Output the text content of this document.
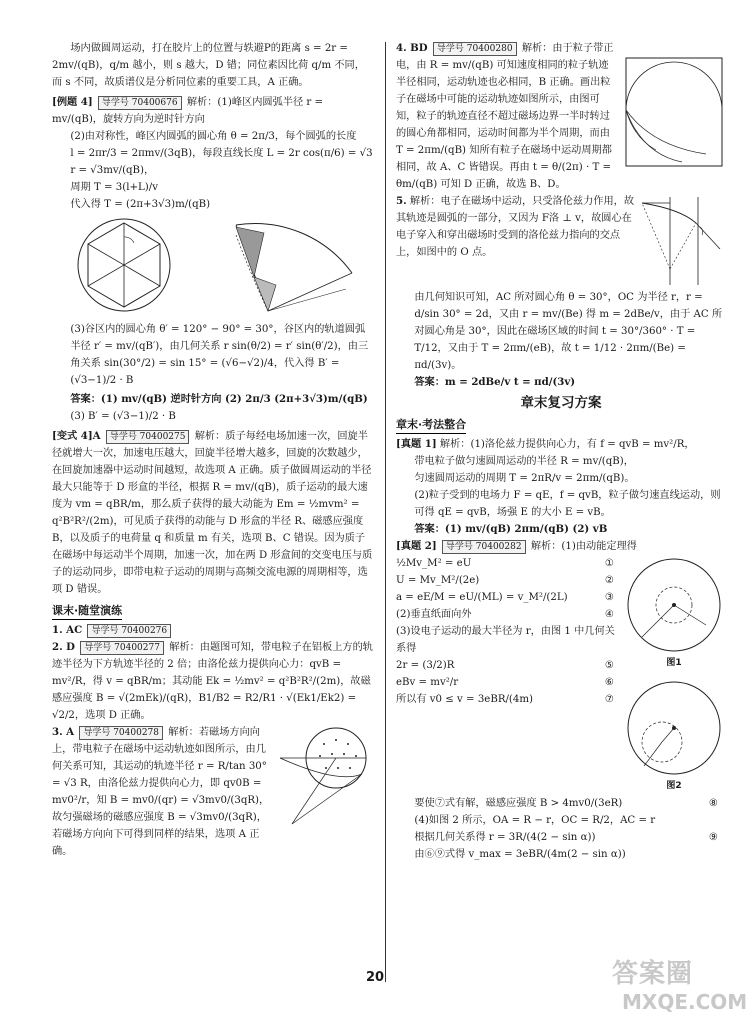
场内做圆周运动，打在胶片上的位置与轶避P的距离 s = 2r = 2mv/(qB)，q/m 越小，则 s 越大，D 错；同位素因比荷 q/m 不同，而 s 不同，故质谱仪是分析同位素的重要工具，A 正确。

[例题 4] 导学号 70400676 解析：(1)峰区内圆弧半径 r = mv/(qB)，旋转方向为逆时针方向

(2)由对称性，峰区内圆弧的圆心角 θ = 2π/3，每个圆弧的长度

l = 2πr/3 = 2πmv/(3qB)，每段直线长度 L = 2r cos(π/6) = √3 r = √3mv/(qB)，

周期 T = 3(l+L)/v

代入得 T = (2π+3√3)m/(qB)

(3)谷区内的圆心角 θ′ = 120° − 90° = 30°，谷区内的轨道圆弧半径 r′ = mv/(qB′)，由几何关系 r sin(θ/2) = r′ sin(θ′/2)，由三角关系 sin(30°/2) = sin 15° = (√6−√2)/4，代入得 B′ = (√3−1)/2 · B

答案：(1) mv/(qB) 逆时针方向 (2) 2π/3 (2π+3√3)m/(qB)

(3) B′ = (√3−1)/2 · B

[变式 4]A 导学号 70400275 解析：质子每经电场加速一次，回旋半径就增大一次，加速电压越大，回旋半径增大越多，回旋的次数越少，在回旋加速器中运动时间越短，故选项 A 正确。质子做圆周运动的半径最大只能等于 D 形盒的半径，根据 R = mv/(qB)，质子运动的最大速度为 vm = qBR/m，那么质子获得的最大动能为 Em = ½mvm² = q²B²R²/(2m)，可见质子获得的动能与 D 形盒的半径 R、磁感应强度 B，以及质子的电荷量 q 和质量 m 有关，选项 B、C 错误。因为质子在磁场中每运动半个周期，加速一次，加在两 D 形盒间的交变电压与质子的运动同步，即带电粒子运动的周期与高频交流电源的周期相等，选项 D 错误。

课末·随堂演练

1. AC 导学号 70400276

2. D 导学号 70400277 解析：由题图可知，带电粒子在铝板上方的轨迹半径为下方轨迹半径的 2 倍；由洛伦兹力提供向心力：qvB = mv²/R，得 v = qBR/m；其动能 Ek = ½mv² = q²B²R²/(2m)，故磁感应强度 B = √(2mEk)/(qR)，B1/B2 = R2/R1 · √(Ek1/Ek2) = √2/2，选项 D 正确。

3. A 导学号 70400278 解析：若磁场方向向上，带电粒子在磁场中运动轨迹如图所示，由几何关系可知，其运动的轨迹半径 r = R/tan 30° = √3 R，由洛伦兹力提供向心力，即 qv0B = mv0²/r，知 B = mv0/(qr) = √3mv0/(3qR)，故匀强磁场的磁感应强度 B = √3mv0/(3qR)，若磁场方向向下可得到同样的结果，选项 A 正确。

4. BD 导学号 70400280 解析：由于粒子带正电，由 R = mv/(qB) 可知速度相同的粒子轨迹半径相同，运动轨迹也必相同，B 正确。画出粒子在磁场中可能的运动轨迹如图所示，由图可知，粒子的轨迹直径不超过磁场边界一半时转过的圆心角都相同，运动时间都为半个周期，而由 T = 2πm/(qB) 知所有粒子在磁场中运动周期都相同，故 A、C 皆错误。再由 t = θ/(2π) · T = θm/(qB) 可知 D 正确，故选 B、D。

5. 解析：电子在磁场中运动，只受洛伦兹力作用，故其轨迹是圆弧的一部分，又因为 F洛 ⊥ v，故圆心在电子穿入和穿出磁场时受到的洛伦兹力指向的交点上，如图中的 O 点。

由几何知识可知，AC 所对圆心角 θ = 30°，OC 为半径 r，r = d/sin 30° = 2d，又由 r = mv/(Be) 得 m = 2dBe/v，由于 AC 所对圆心角是 30°，因此在磁场区域的时间 t = 30°/360° · T = T/12，又由于 T = 2πm/(eB)，故 t = 1/12 · 2πm/(Be) = πd/(3v)。

答案：m = 2dBe/v t = πd/(3v)

章末复习方案
章末·考法整合

[真题 1] 解析：(1)洛伦兹力提供向心力，有 f = qvB = mv²/R，

带电粒子做匀速圆周运动的半径 R = mv/(qB)，

匀速圆周运动的周期 T = 2πR/v = 2πm/(qB)。

(2)粒子受到的电场力 F = qE，f = qvB，粒子做匀速直线运动，则可得 qE = qvB，场强 E 的大小 E = vB。

答案：(1) mv/(qB) 2πm/(qB) (2) vB

[真题 2] 导学号 70400282 解析：(1)由动能定理得

½Mv_M² = eU	①
U = Mv_M²/(2e)	②
a = eE/M = eU/(ML) = v_M²/(2L)	③
(2)垂直纸面向外	④
(3)设电子运动的最大半径为 r，由图 1 中几何关系得
2r = (3/2)R	⑤
eBv = mv²/r	⑥
所以有 v0 ≤ v = 3eBR/(4m)	⑦
图1
图2
要使⑦式有解，磁感应强度 B > 4mv0/(3eR)	⑧
(4)如图 2 所示，OA = R − r，OC = R/2，AC = r
根据几何关系得 r = 3R/(4(2 − sin α))	⑨
由⑥⑨式得 v_max = 3eBR/(4m(2 − sin α))
20	答案圈
MXQE.COM
